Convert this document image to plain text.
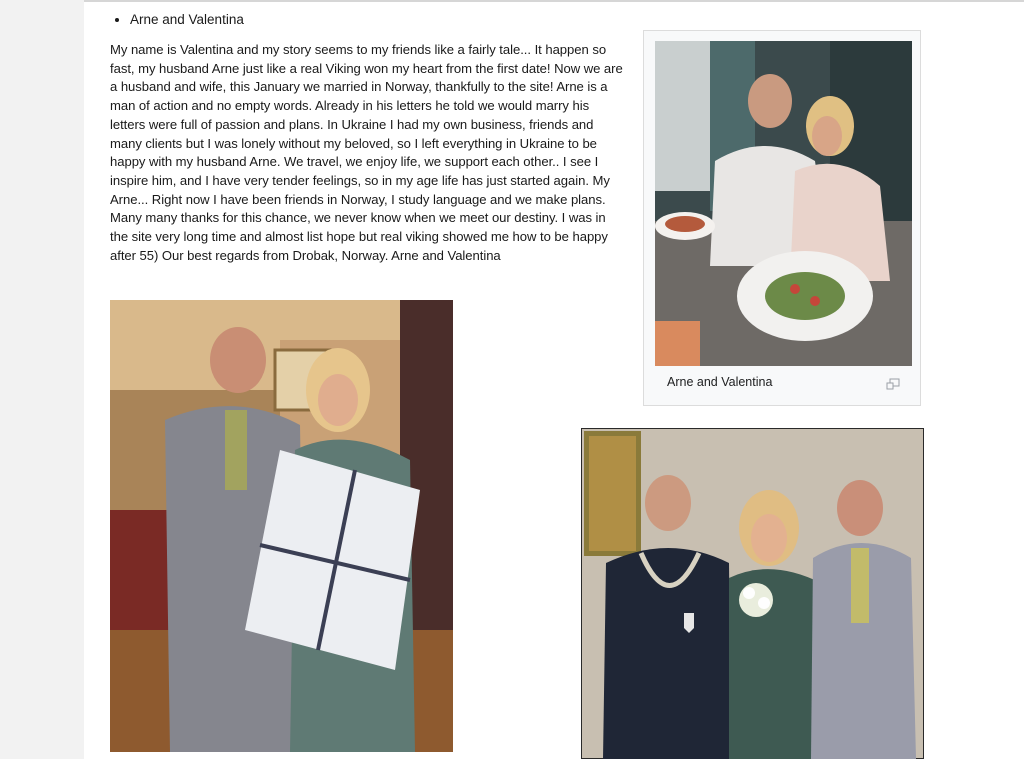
• Arne and Valentina

My name is Valentina and my story seems to my friends like a fairly tale... It happen so fast, my husband Arne just like a real Viking won my heart from the first date! Now we are a husband and wife, this January we married in Norway, thankfully to the site! Arne is a man of action and no empty words. Already in his letters he told we would marry his letters were full of passion and plans. In Ukraine I had my own business, friends and many clients but I was lonely without my beloved, so I left everything in Ukraine to be happy with my husband Arne. We travel, we enjoy life, we support each other.. I see I inspire him, and I have very tender feelings, so in my age life has just started again. My Arne... Right now I have been friends in Norway, I study language and we make plans. Many many thanks for this chance, we never know when we meet our destiny. I was in the site very long time and almost list hope but real viking showed me how to be happy after 55) Our best regards from Drobak, Norway. Arne and Valentina

Arne and Valentina
